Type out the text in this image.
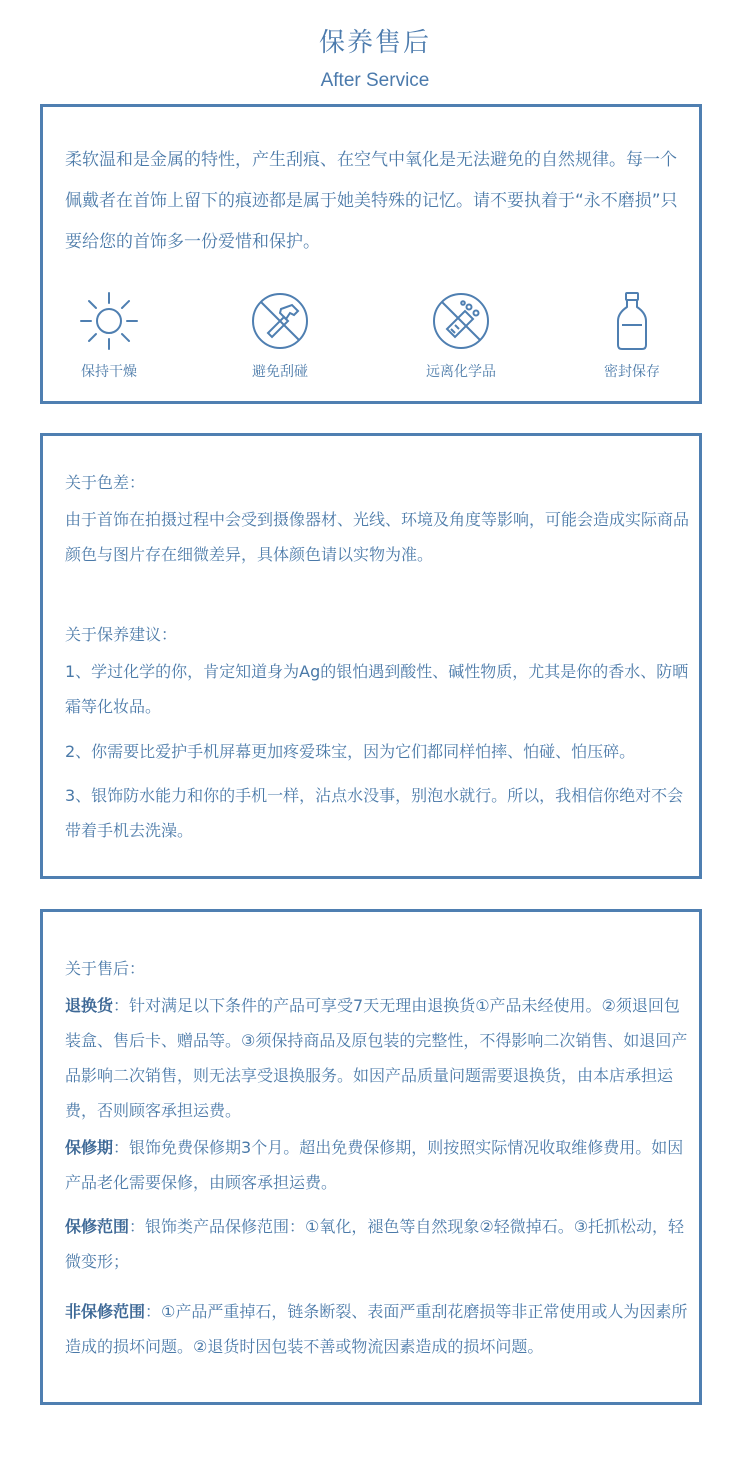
保养售后
After Service
柔软温和是金属的特性，产生刮痕、在空气中氧化是无法避免的自然规律。每一个佩戴者在首饰上留下的痕迹都是属于她美特殊的记忆。请不要执着于“永不磨损”只要给您的首饰多一份爱惜和保护。
保持干燥	避免刮碰	远离化学品	密封保存
关于色差：
由于首饰在拍摄过程中会受到摄像器材、光线、环境及角度等影响，可能会造成实际商品颜色与图片存在细微差异，具体颜色请以实物为准。
关于保养建议：
1、学过化学的你，肯定知道身为Ag的银怕遇到酸性、碱性物质，尤其是你的香水、防晒霜等化妆品。
2、你需要比爱护手机屏幕更加疼爱珠宝，因为它们都同样怕摔、怕碰、怕压碎。
3、银饰防水能力和你的手机一样，沾点水没事，别泡水就行。所以，我相信你绝对不会带着手机去洗澡。
关于售后：
退换货：针对满足以下条件的产品可享受7天无理由退换货①产品未经使用。②须退回包装盒、售后卡、赠品等。③须保持商品及原包装的完整性，不得影响二次销售、如退回产品影响二次销售，则无法享受退换服务。如因产品质量问题需要退换货，由本店承担运费，否则顾客承担运费。
保修期：银饰免费保修期3个月。超出免费保修期，则按照实际情况收取维修费用。如因产品老化需要保修，由顾客承担运费。
保修范围：银饰类产品保修范围：①氧化，褪色等自然现象②轻微掉石。③托抓松动，轻微变形；
非保修范围：①产品严重掉石，链条断裂、表面严重刮花磨损等非正常使用或人为因素所造成的损坏问题。②退货时因包装不善或物流因素造成的损坏问题。
